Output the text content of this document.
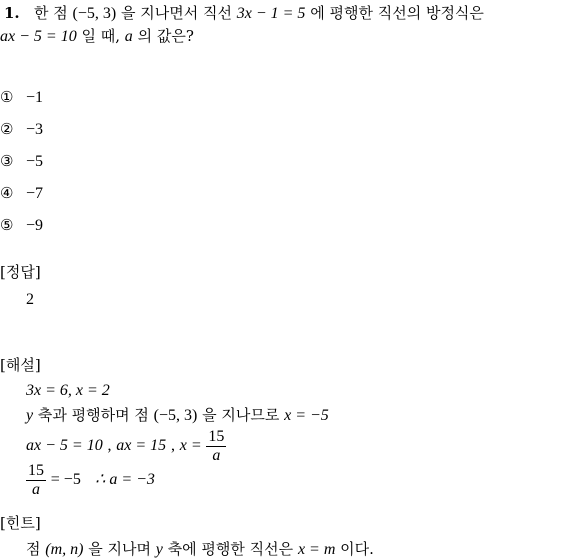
1. 한 점 (−5, 3) 을 지나면서 직선 3x − 1 = 5 에 평행한 직선의 방정식은
ax − 5 = 10 일 때, a 의 값은?
① −1
② −3
③ −5
④ −7
⑤ −9
[정답]
2
[해설]
3x = 6, x = 2
y 축과 평행하며 점 (−5, 3) 을 지나므로 x = −5
ax − 5 = 10 , ax = 15 , $x = \frac{15}{a}$
$\frac{15}{a} = -5$ ∴ a = −3
[힌트]
점 (m, n) 을 지나며 y 축에 평행한 직선은 x = m 이다.
